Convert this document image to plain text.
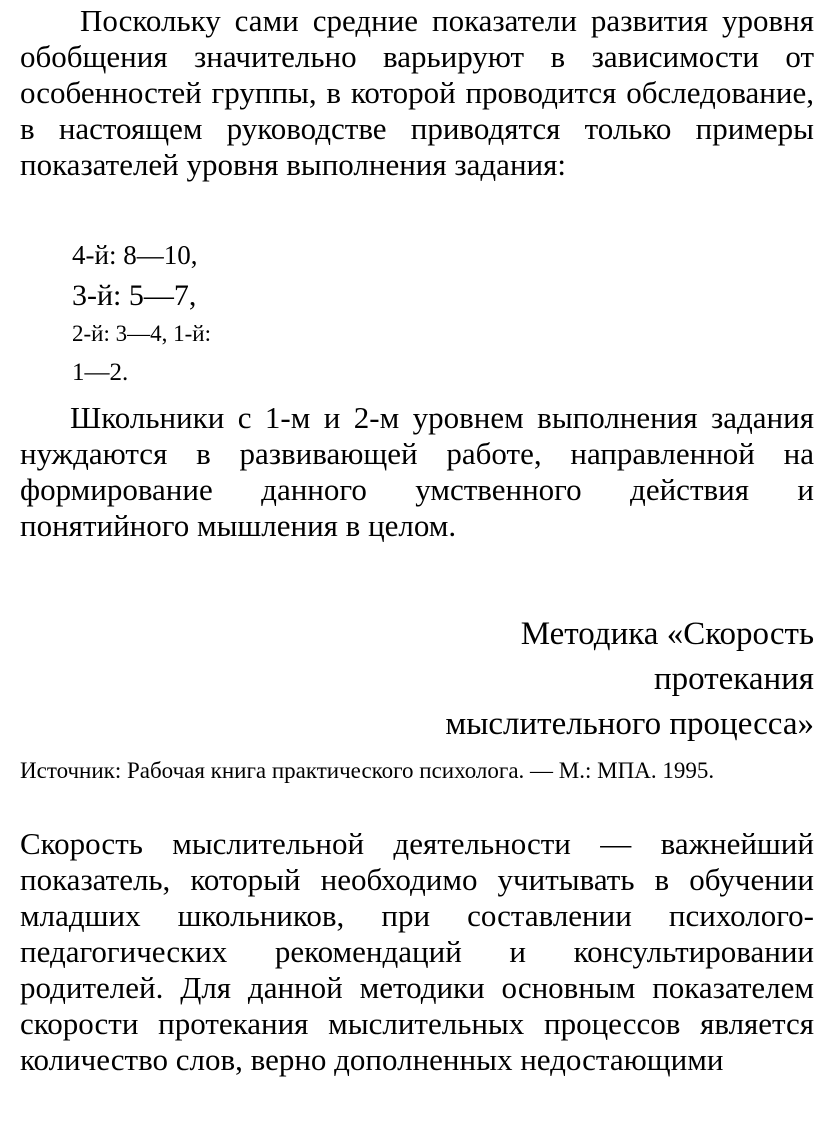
Поскольку сами средние показатели развития уровня обобщения значительно варьируют в зависимости от особенностей группы, в которой проводится обследование, в настоящем руководстве приводятся только примеры показателей уровня выполнения задания:

4-й: 8—10,

3-й: 5—7,

2-й: 3—4, 1-й:

1—2.

Школьники с 1-м и 2-м уровнем выполнения задания нуждаются в развивающей работе, направленной на формирование данного умственного действия и понятийного мышления в целом.

Методика «Скорость
протекания
мыслительного процесса»

Источник: Рабочая книга практического психолога. — М.: МПА. 1995.

Скорость мыслительной деятельности — важнейший показатель, который необходимо учитывать в обучении младших школьников, при составлении психолого-педагогических рекомендаций и консультировании родителей. Для данной методики основным показателем скорости протекания мыслительных процессов является количество слов, верно дополненных недостающими
